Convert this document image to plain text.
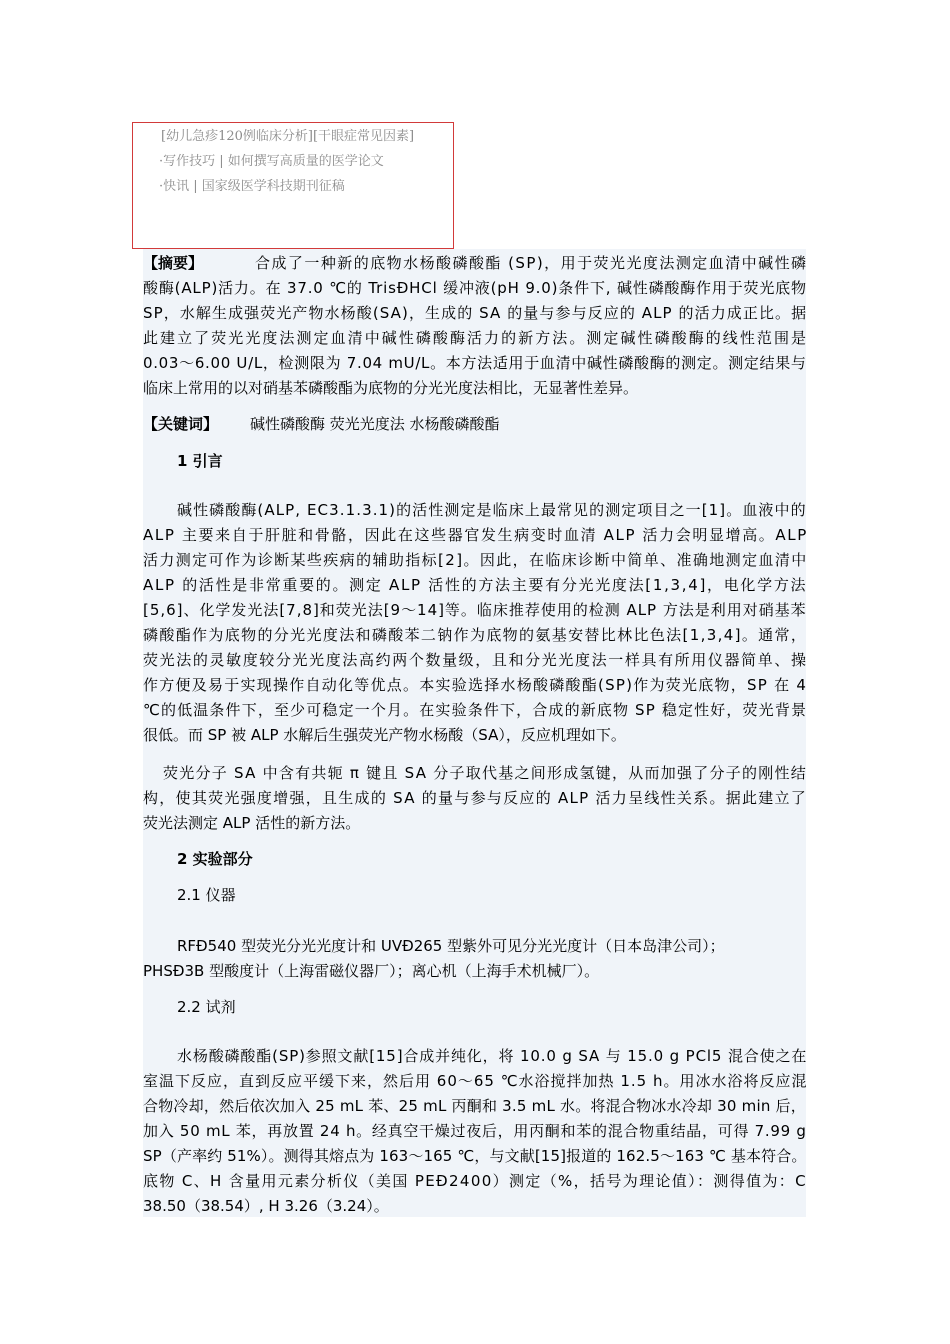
[幼儿急疹120例临床分析][干眼症常见因素]
·写作技巧 | 如何撰写高质量的医学论文
·快讯 | 国家级医学科技期刊征稿
【摘要】	合成了一种新的底物水杨酸磷酸酯 (SP)，用于荧光光度法测定血清中碱性磷
酸酶(ALP)活力。在 37.0 ℃的 TrisÐHCl 缓冲液(pH 9.0)条件下, 碱性磷酸酶作用于荧光底物
SP，水解生成强荧光产物水杨酸(SA)，生成的 SA 的量与参与反应的 ALP 的活力成正比。据
此建立了荧光光度法测定血清中碱性磷酸酶活力的新方法。测定碱性磷酸酶的线性范围是
0.03～6.00 U/L，检测限为 7.04 mU/L。本方法适用于血清中碱性磷酸酶的测定。测定结果与
临床上常用的以对硝基苯磷酸酯为底物的分光光度法相比，无显著性差异。
【关键词】 碱性磷酸酶 荧光光度法 水杨酸磷酸酯
1 引言
碱性磷酸酶(ALP, EC3.1.3.1)的活性测定是临床上最常见的测定项目之一[1]。血液中的
ALP 主要来自于肝脏和骨骼，因此在这些器官发生病变时血清 ALP 活力会明显增高。ALP
活力测定可作为诊断某些疾病的辅助指标[2]。因此，在临床诊断中简单、准确地测定血清中
ALP 的活性是非常重要的。测定 ALP 活性的方法主要有分光光度法[1,3,4]，电化学方法
[5,6]、化学发光法[7,8]和荧光法[9～14]等。临床推荐使用的检测 ALP 方法是利用对硝基苯
磷酸酯作为底物的分光光度法和磷酸苯二钠作为底物的氨基安替比林比色法[1,3,4]。通常，
荧光法的灵敏度较分光光度法高约两个数量级，且和分光光度法一样具有所用仪器简单、操
作方便及易于实现操作自动化等优点。本实验选择水杨酸磷酸酯(SP)作为荧光底物，SP 在 4
℃的低温条件下，至少可稳定一个月。在实验条件下，合成的新底物 SP 稳定性好，荧光背景
很低。而 SP 被 ALP 水解后生强荧光产物水杨酸（SA），反应机理如下。
荧光分子 SA 中含有共轭 π 键且 SA 分子取代基之间形成氢键，从而加强了分子的刚性结
构，使其荧光强度增强，且生成的 SA 的量与参与反应的 ALP 活力呈线性关系。据此建立了
荧光法测定 ALP 活性的新方法。
2 实验部分
2.1 仪器
RFÐ540 型荧光分光光度计和 UVÐ265 型紫外可见分光光度计（日本岛津公司）；
PHSÐ3B 型酸度计（上海雷磁仪器厂）；离心机（上海手术机械厂）。
2.2 试剂
水杨酸磷酸酯(SP)参照文献[15]合成并纯化，将 10.0 g SA 与 15.0 g PCl5 混合使之在
室温下反应，直到反应平缓下来，然后用 60～65 ℃水浴搅拌加热 1.5 h。用冰水浴将反应混
合物冷却，然后依次加入 25 mL 苯、25 mL 丙酮和 3.5 mL 水。将混合物冰水冷却 30 min 后，
加入 50 mL 苯，再放置 24 h。经真空干燥过夜后，用丙酮和苯的混合物重结晶，可得 7.99 g
SP（产率约 51%）。测得其熔点为 163～165 ℃，与文献[15]报道的 162.5～163 ℃ 基本符合。
底物 C、H 含量用元素分析仪（美国 PEÐ2400）测定（%，括号为理论值）：测得值为：C
38.50（38.54）, H 3.26（3.24）。
